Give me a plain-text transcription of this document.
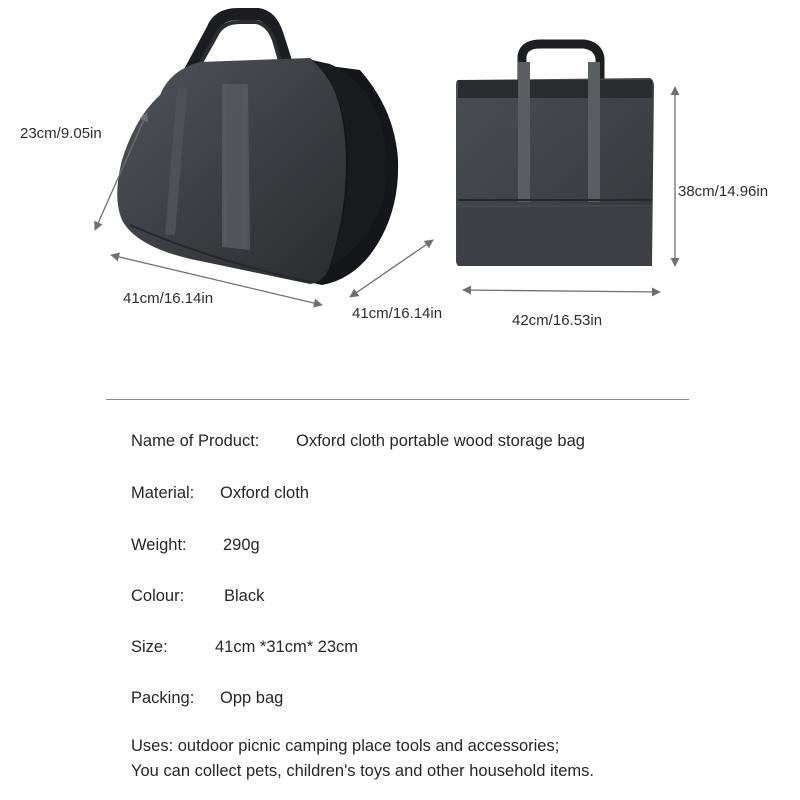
23cm/9.05in
41cm/16.14in
41cm/16.14in
38cm/14.96in
42cm/16.53in
Name of Product: Oxford cloth portable wood storage bag
Material: Oxford cloth
Weight: 290g
Colour: Black
Size:	41cm *31cm* 23cm
Packing: Opp bag
Uses: outdoor picnic camping place tools and accessories;
You can collect pets, children's toys and other household items.
